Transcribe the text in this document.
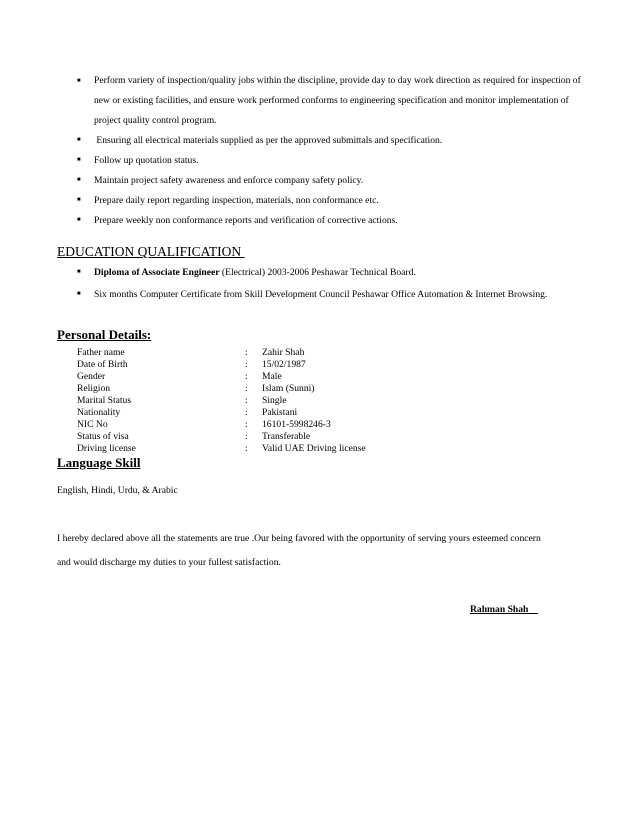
■ Perform variety of inspection/quality jobs within the discipline, provide day to day work direction as required for inspection of new or existing facilities, and ensure work performed conforms to engineering specification and monitor implementation of project quality control program.
■ Ensuring all electrical materials supplied as per the approved submittals and specification.
■ Follow up quotation status.
■ Maintain project safety awareness and enforce company safety policy.
■ Prepare daily report regarding inspection, materials, non conformance etc.
■ Prepare weekly non conformance reports and verification of corrective actions.
EDUCATION QUALIFICATION
■ Diploma of Associate Engineer (Electrical) 2003-2006 Peshawar Technical Board.
■ Six months Computer Certificate from Skill Development Council Peshawar Office Automation & Internet Browsing.
Personal Details:
Father name	: Zahir Shah
Date of Birth	: 15/02/1987
Gender	: Male
Religion	: Islam (Sunni)
Marital Status	: Single
Nationality	: Pakistani
NIC No	: 16101-5998246-3
Status of visa	: Transferable
Driving license	: Valid UAE Driving license
Language Skill
English, Hindi, Urdu, & Arabic
I hereby declared above all the statements are true .Our being favored with the opportunity of serving yours esteemed concern
and would discharge my duties to your fullest satisfaction.
Rahman Shah
